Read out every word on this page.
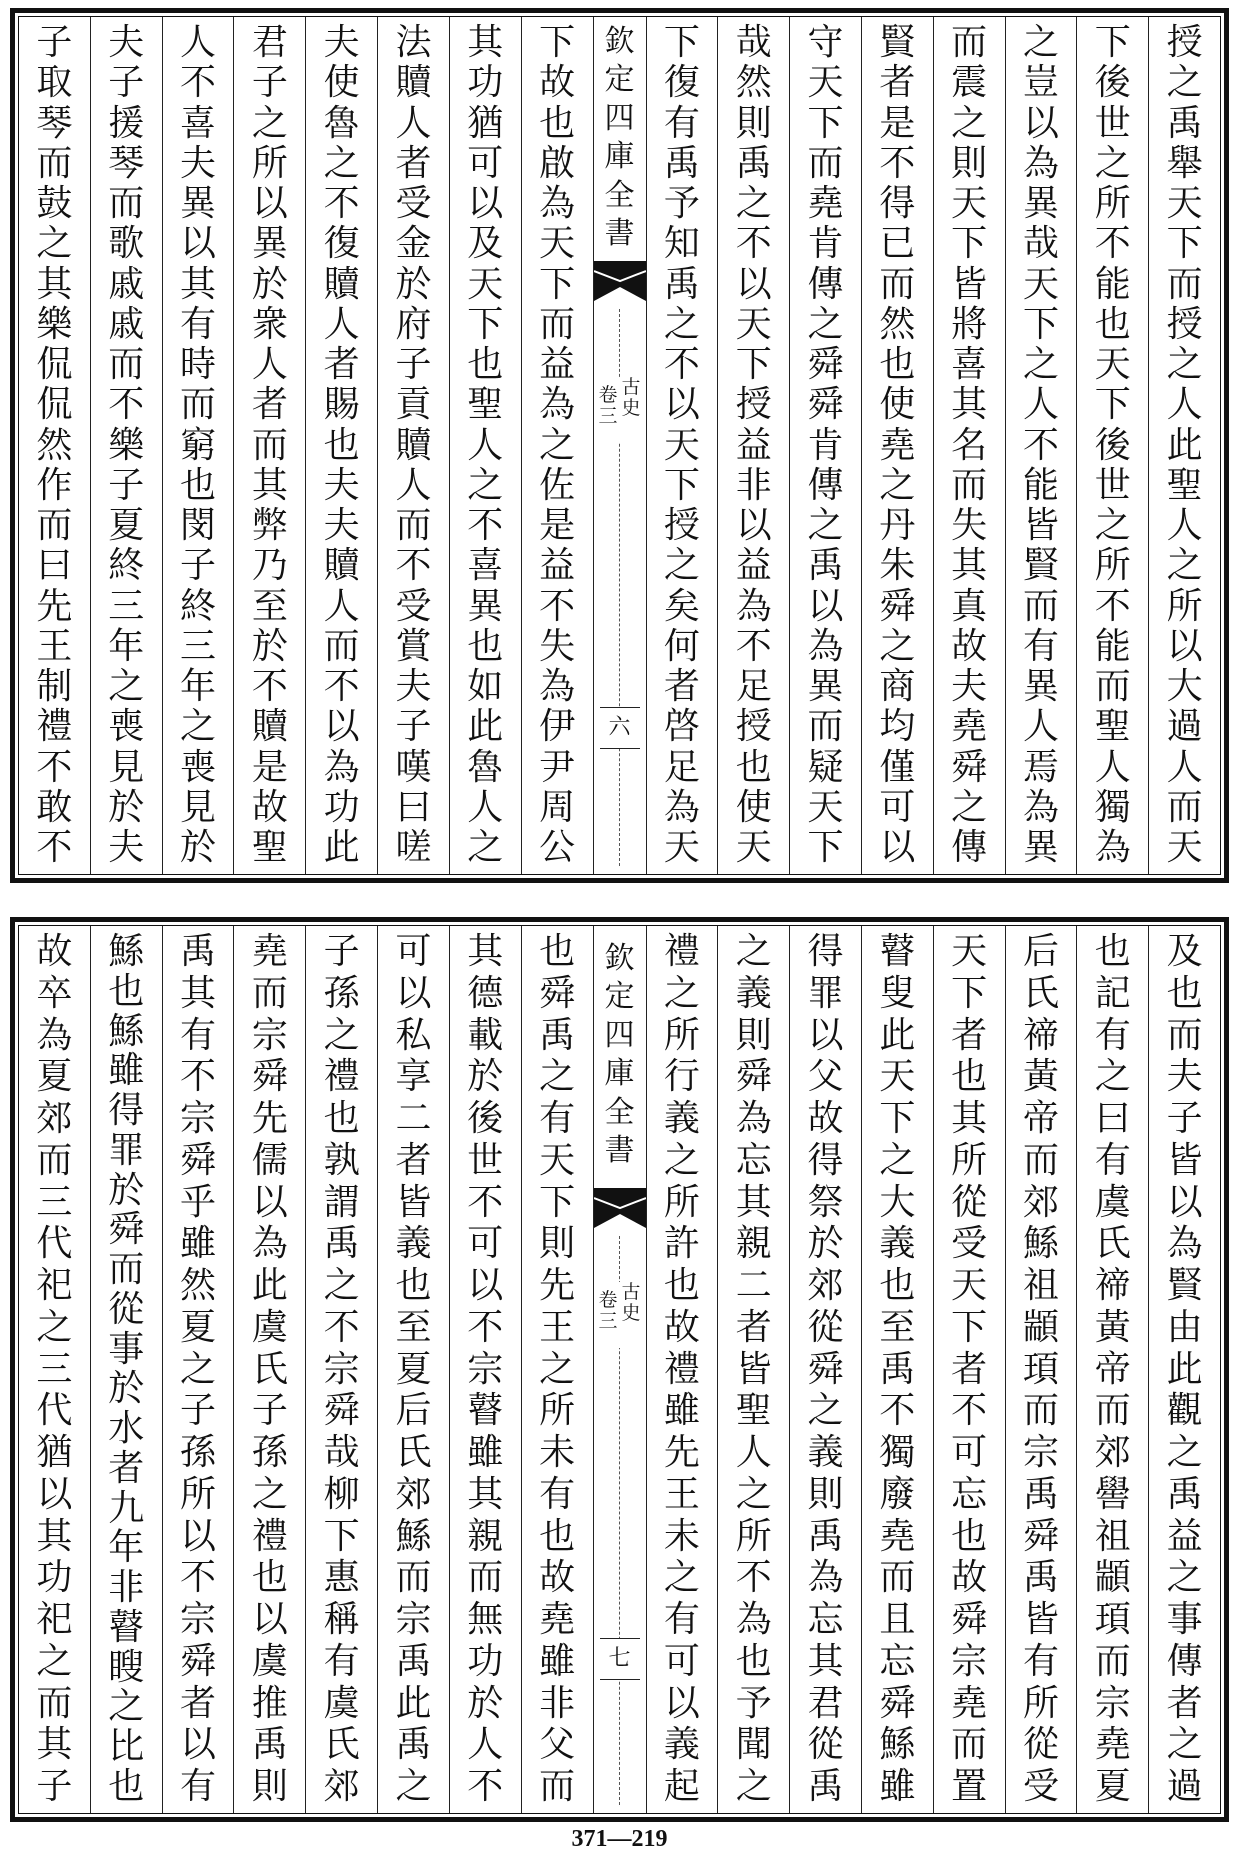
授
之
禹
舉
天
下
而
授
之
人
此
聖
人
之
所
以
大
過
人
而
天
下
後
世
之
所
不
能
也
天
下
後
世
之
所
不
能
而
聖
人
獨
為
之
豈
以
為
異
哉
天
下
之
人
不
能
皆
賢
而
有
異
人
焉
為
異
而
震
之
則
天
下
皆
將
喜
其
名
而
失
其
真
故
夫
堯
舜
之
傳
賢
者
是
不
得
已
而
然
也
使
堯
之
丹
朱
舜
之
商
均
僅
可
以
守
天
下
而
堯
肯
傳
之
舜
舜
肯
傳
之
禹
以
為
異
而
疑
天
下
哉
然
則
禹
之
不
以
天
下
授
益
非
以
益
為
不
足
授
也
使
天
下
復
有
禹
予
知
禹
之
不
以
天
下
授
之
矣
何
者
啓
足
為
天
欽
定
四
庫
全
書
古
史
卷
三
六
下
故
也
啟
為
天
下
而
益
為
之
佐
是
益
不
失
為
伊
尹
周
公
其
功
猶
可
以
及
天
下
也
聖
人
之
不
喜
異
也
如
此
魯
人
之
法
贖
人
者
受
金
於
府
子
貢
贖
人
而
不
受
賞
夫
子
嘆
曰
嗟
夫
使
魯
之
不
復
贖
人
者
賜
也
夫
夫
贖
人
而
不
以
為
功
此
君
子
之
所
以
異
於
衆
人
者
而
其
弊
乃
至
於
不
贖
是
故
聖
人
不
喜
夫
異
以
其
有
時
而
窮
也
閔
子
終
三
年
之
喪
見
於
夫
子
援
琴
而
歌
戚
戚
而
不
樂
子
夏
終
三
年
之
喪
見
於
夫
子
取
琴
而
鼓
之
其
樂
侃
侃
然
作
而
曰
先
王
制
禮
不
敢
不
及
也
而
夫
子
皆
以
為
賢
由
此
觀
之
禹
益
之
事
傳
者
之
過
也
記
有
之
曰
有
虞
氏
禘
黃
帝
而
郊
嚳
祖
顓
頊
而
宗
堯
夏
后
氏
禘
黃
帝
而
郊
鯀
祖
顓
頊
而
宗
禹
舜
禹
皆
有
所
從
受
天
下
者
也
其
所
從
受
天
下
者
不
可
忘
也
故
舜
宗
堯
而
置
瞽
叟
此
天
下
之
大
義
也
至
禹
不
獨
廢
堯
而
且
忘
舜
鯀
雖
得
罪
以
父
故
得
祭
於
郊
從
舜
之
義
則
禹
為
忘
其
君
從
禹
之
義
則
舜
為
忘
其
親
二
者
皆
聖
人
之
所
不
為
也
予
聞
之
禮
之
所
行
義
之
所
許
也
故
禮
雖
先
王
未
之
有
可
以
義
起
欽
定
四
庫
全
書
古
史
卷
三
七
也
舜
禹
之
有
天
下
則
先
王
之
所
未
有
也
故
堯
雖
非
父
而
其
德
載
於
後
世
不
可
以
不
宗
瞽
雖
其
親
而
無
功
於
人
不
可
以
私
享
二
者
皆
義
也
至
夏
后
氏
郊
鯀
而
宗
禹
此
禹
之
子
孫
之
禮
也
孰
謂
禹
之
不
宗
舜
哉
柳
下
惠
稱
有
虞
氏
郊
堯
而
宗
舜
先
儒
以
為
此
虞
氏
子
孫
之
禮
也
以
虞
推
禹
則
禹
其
有
不
宗
舜
乎
雖
然
夏
之
子
孫
所
以
不
宗
舜
者
以
有
鯀
也
鯀
雖
得
罪
於
舜
而
從
事
於
水
者
九
年
非
瞽
瞍
之
比
也
故
卒
為
夏
郊
而
三
代
祀
之
三
代
猶
以
其
功
祀
之
而
其
子
371—219
